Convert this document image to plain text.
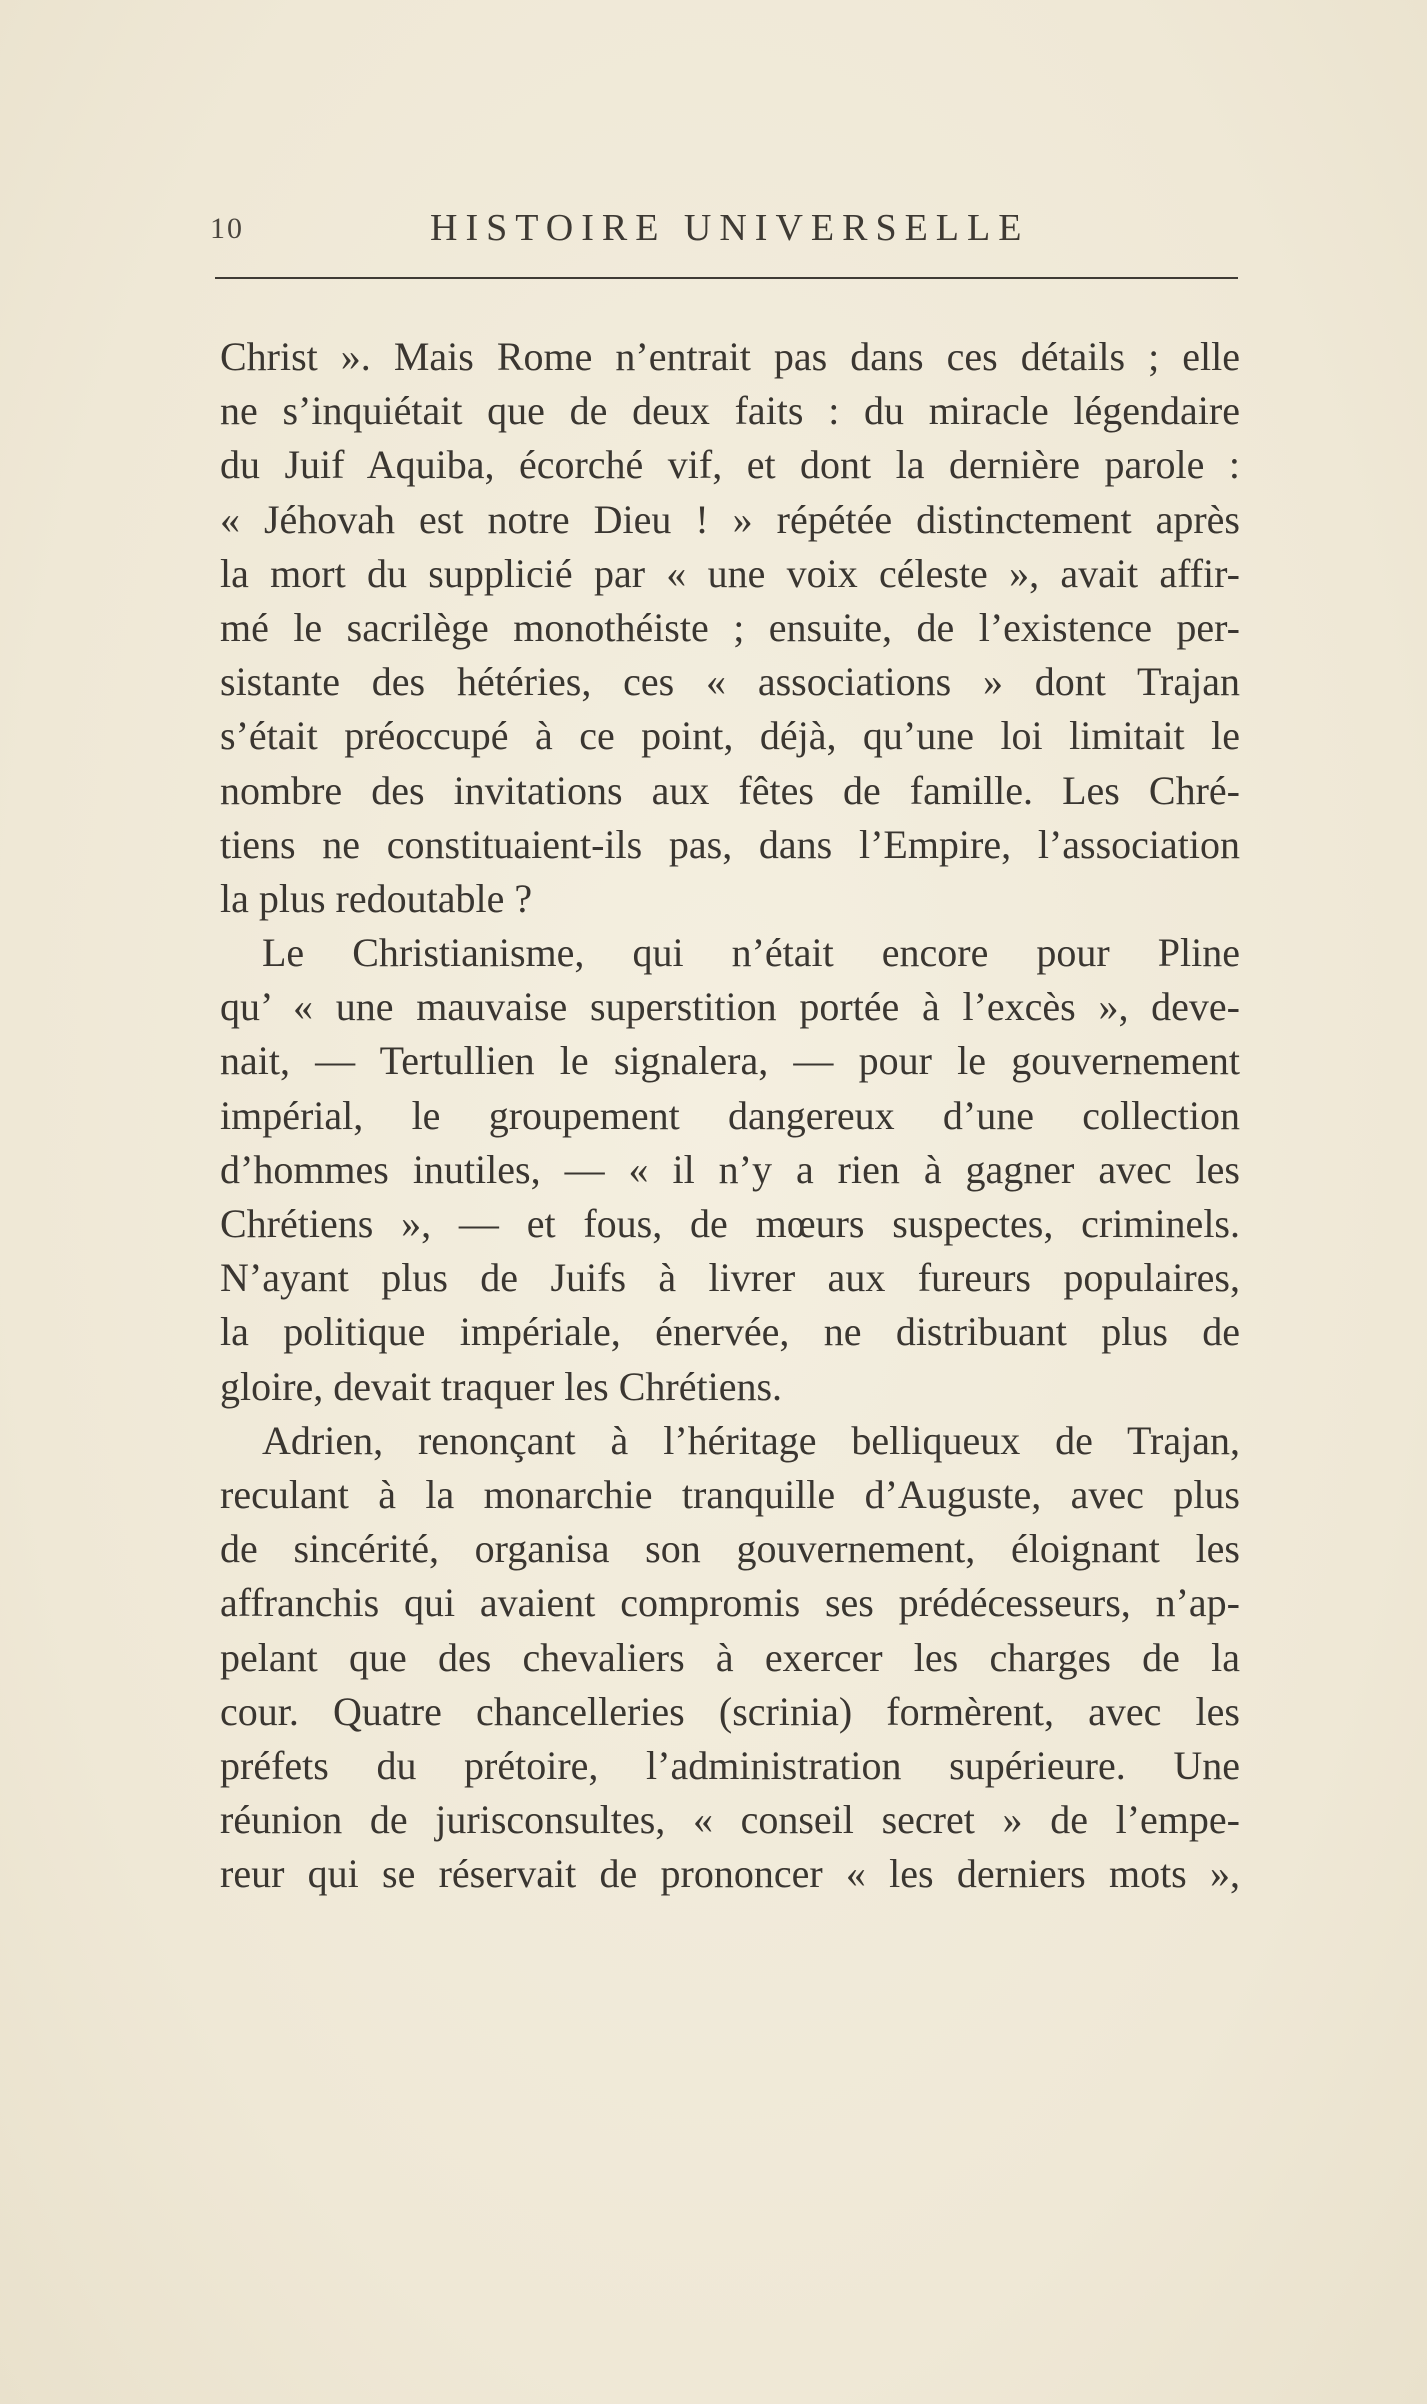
10	HISTOIRE UNIVERSELLE
Christ ». Mais Rome n’entrait pas dans ces détails ; elle
ne s’inquiétait que de deux faits : du miracle légendaire
du Juif Aquiba, écorché vif, et dont la dernière parole :
« Jéhovah est notre Dieu ! » répétée distinctement après
la mort du supplicié par « une voix céleste », avait affir-
mé le sacrilège monothéiste ; ensuite, de l’existence per-
sistante des hétéries, ces « associations » dont Trajan
s’était préoccupé à ce point, déjà, qu’une loi limitait le
nombre des invitations aux fêtes de famille. Les Chré-
tiens ne constituaient-ils pas, dans l’Empire, l’association
la plus redoutable ?
Le Christianisme, qui n’était encore pour Pline
qu’ « une mauvaise superstition portée à l’excès », deve-
nait, — Tertullien le signalera, — pour le gouvernement
impérial, le groupement dangereux d’une collection
d’hommes inutiles, — « il n’y a rien à gagner avec les
Chrétiens », — et fous, de mœurs suspectes, criminels.
N’ayant plus de Juifs à livrer aux fureurs populaires,
la politique impériale, énervée, ne distribuant plus de
gloire, devait traquer les Chrétiens.
Adrien, renonçant à l’héritage belliqueux de Trajan,
reculant à la monarchie tranquille d’Auguste, avec plus
de sincérité, organisa son gouvernement, éloignant les
affranchis qui avaient compromis ses prédécesseurs, n’ap-
pelant que des chevaliers à exercer les charges de la
cour. Quatre chancelleries (scrinia) formèrent, avec les
préfets du prétoire, l’administration supérieure. Une
réunion de jurisconsultes, « conseil secret » de l’empe-
reur qui se réservait de prononcer « les derniers mots »,
